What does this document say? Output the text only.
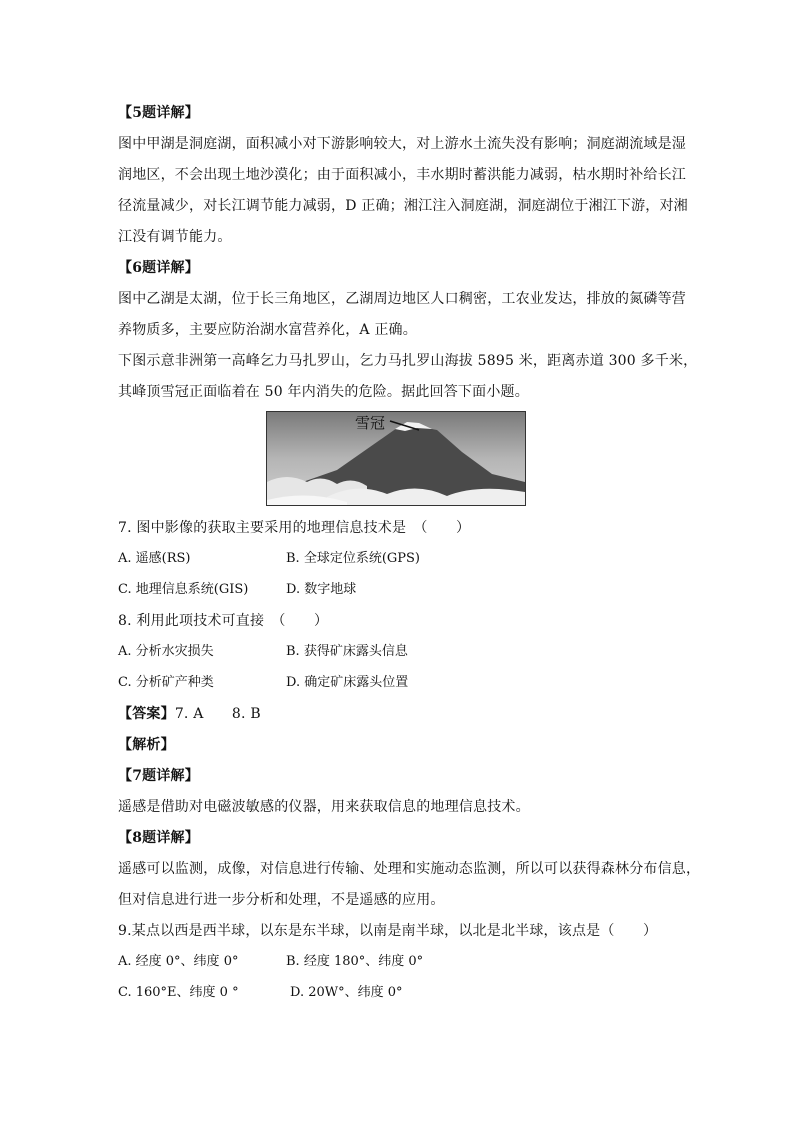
【5题详解】
图中甲湖是洞庭湖，面积减小对下游影响较大，对上游水土流失没有影响；洞庭湖流域是湿
润地区，不会出现土地沙漠化；由于面积减小，丰水期时蓄洪能力减弱，枯水期时补给长江
径流量减少，对长江调节能力减弱，D 正确；湘江注入洞庭湖，洞庭湖位于湘江下游，对湘
江没有调节能力。
【6题详解】
图中乙湖是太湖，位于长三角地区，乙湖周边地区人口稠密，工农业发达，排放的氮磷等营
养物质多，主要应防治湖水富营养化，A 正确。
下图示意非洲第一高峰乞力马扎罗山，乞力马扎罗山海拔 5895 米，距离赤道 300 多千米，
其峰顶雪冠正面临着在 50 年内消失的危险。据此回答下面小题。
雪冠
7. 图中影像的获取主要采用的地理信息技术是　（　　）
A. 遥感(RS)	B. 全球定位系统(GPS)
C. 地理信息系统(GIS)	D. 数字地球
8. 利用此项技术可直接　（　　）
A. 分析水灾损失	B. 获得矿床露头信息
C. 分析矿产种类	D. 确定矿床露头位置
【答案】7. A　　8. B
【解析】
【7题详解】
遥感是借助对电磁波敏感的仪器，用来获取信息的地理信息技术。
【8题详解】
遥感可以监测，成像，对信息进行传输、处理和实施动态监测，所以可以获得森林分布信息，
但对信息进行进一步分析和处理，不是遥感的应用。
9.某点以西是西半球，以东是东半球，以南是南半球，以北是北半球，该点是（　　）
A. 经度 0°、纬度 0°	B. 经度 180°、纬度 0°
C. 160°E、纬度 0 °	D. 20W°、纬度 0°
